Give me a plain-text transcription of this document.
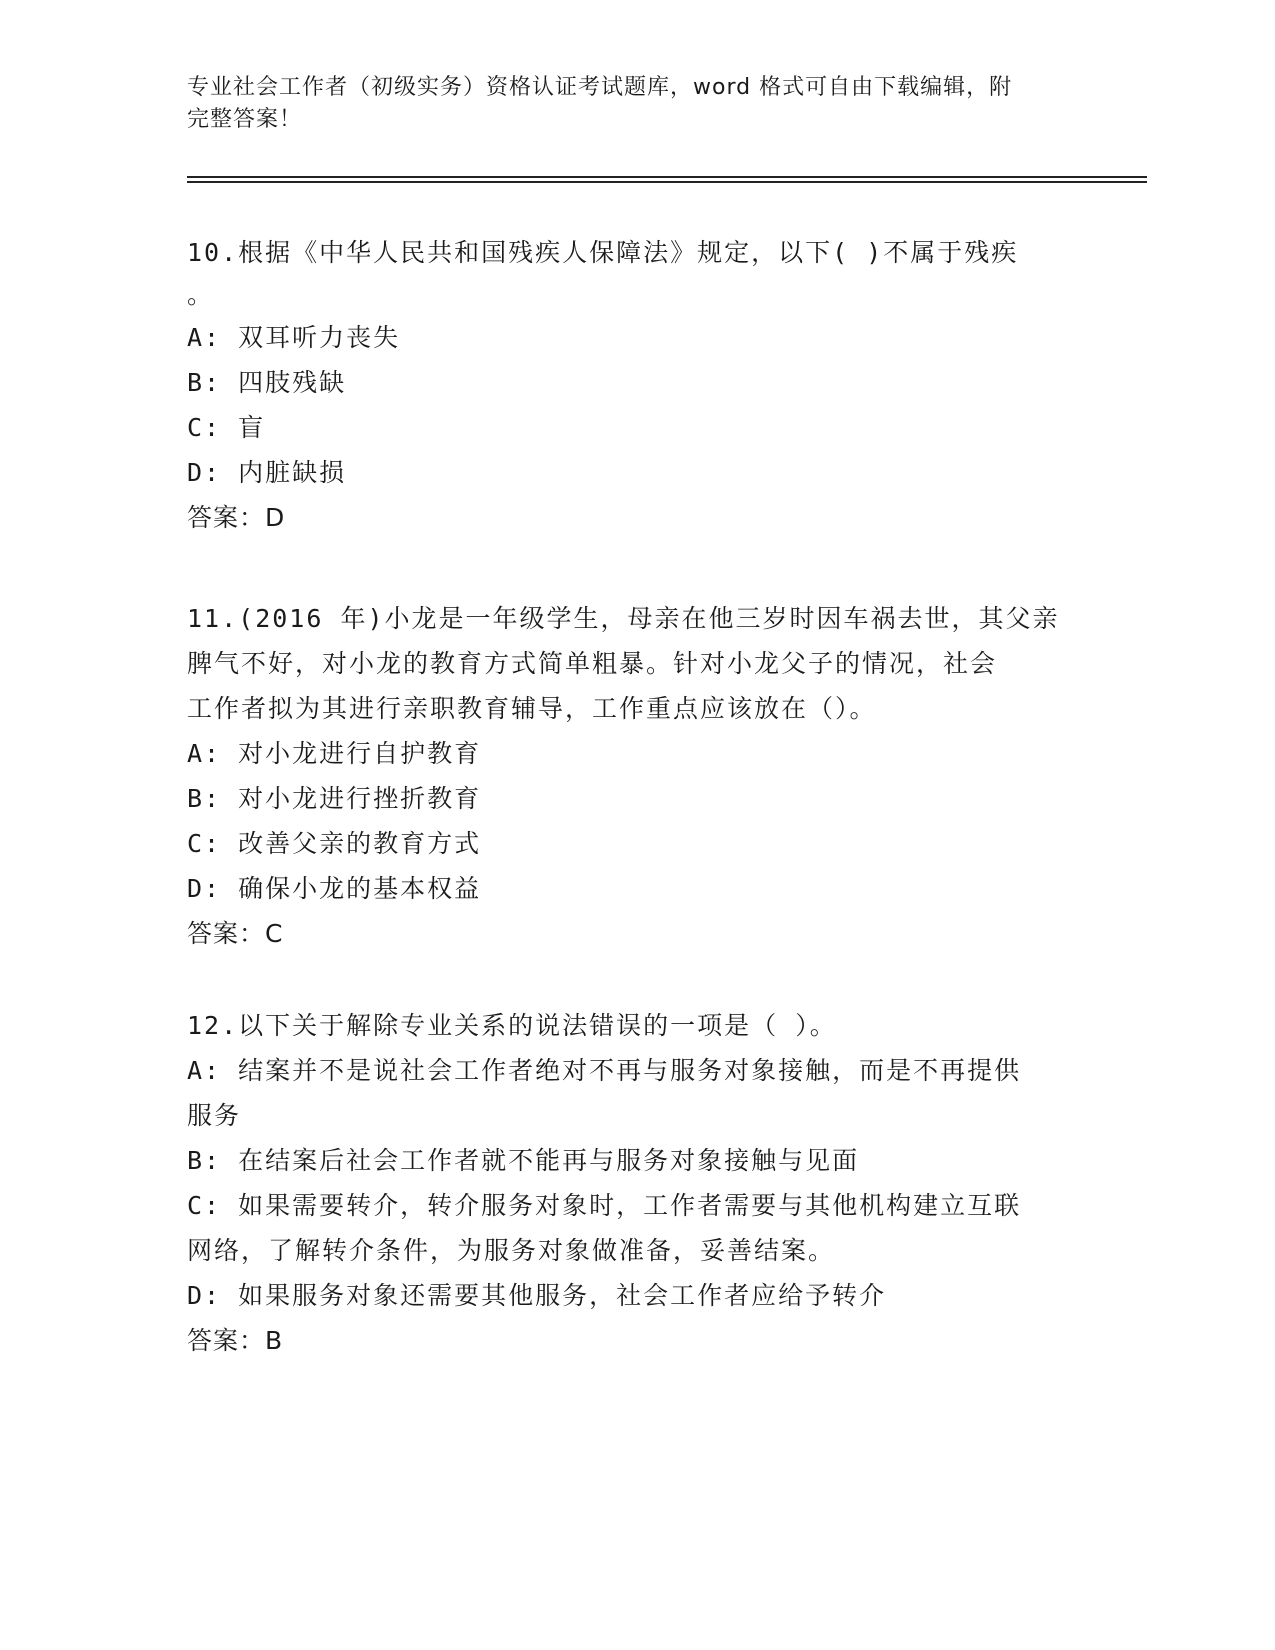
专业社会工作者（初级实务）资格认证考试题库，word 格式可自由下载编辑，附
完整答案！
10.根据《中华人民共和国残疾人保障法》规定，以下( )不属于残疾
。
A: 双耳听力丧失
B: 四肢残缺
C: 盲
D: 内脏缺损
答案：D
11.(2016 年)小龙是一年级学生，母亲在他三岁时因车祸去世，其父亲
脾气不好，对小龙的教育方式简单粗暴。针对小龙父子的情况，社会
工作者拟为其进行亲职教育辅导，工作重点应该放在（）。
A: 对小龙进行自护教育
B: 对小龙进行挫折教育
C: 改善父亲的教育方式
D: 确保小龙的基本权益
答案：C
12.以下关于解除专业关系的说法错误的一项是（ ）。
A: 结案并不是说社会工作者绝对不再与服务对象接触，而是不再提供
服务
B: 在结案后社会工作者就不能再与服务对象接触与见面
C: 如果需要转介，转介服务对象时，工作者需要与其他机构建立互联
网络，了解转介条件，为服务对象做准备，妥善结案。
D: 如果服务对象还需要其他服务，社会工作者应给予转介
答案：B
